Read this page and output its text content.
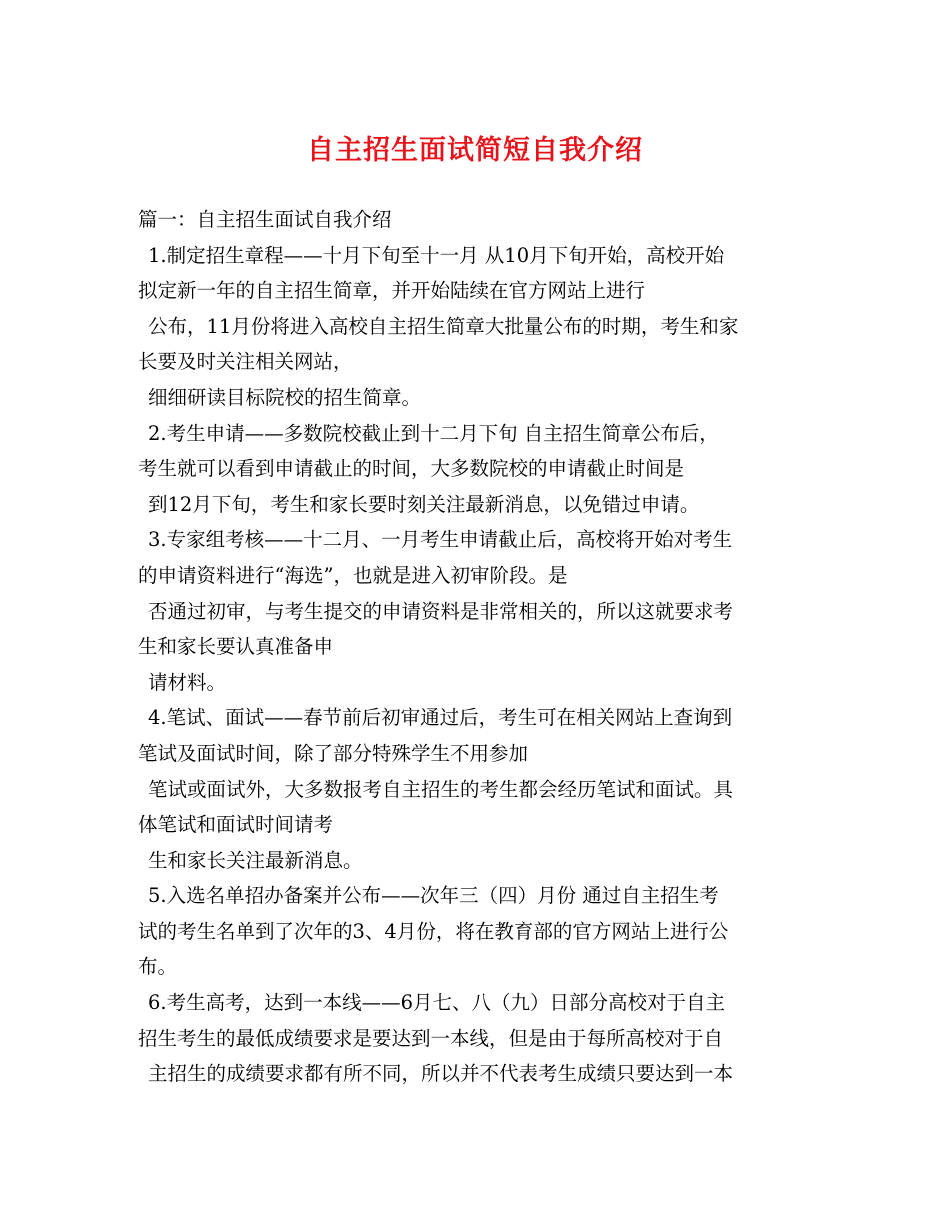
自主招生面试简短自我介绍
篇一：自主招生面试自我介绍
1.制定招生章程——十月下旬至十一月 从10月下旬开始，高校开始
拟定新一年的自主招生简章，并开始陆续在官方网站上进行
公布，11月份将进入高校自主招生简章大批量公布的时期，考生和家
长要及时关注相关网站，
细细研读目标院校的招生简章。
2.考生申请——多数院校截止到十二月下旬 自主招生简章公布后，
考生就可以看到申请截止的时间，大多数院校的申请截止时间是
到12月下旬，考生和家长要时刻关注最新消息，以免错过申请。
3.专家组考核——十二月、一月考生申请截止后，高校将开始对考生
的申请资料进行“海选”，也就是进入初审阶段。是
否通过初审，与考生提交的申请资料是非常相关的，所以这就要求考
生和家长要认真准备申
请材料。
4.笔试、面试——春节前后初审通过后，考生可在相关网站上查询到
笔试及面试时间，除了部分特殊学生不用参加
笔试或面试外，大多数报考自主招生的考生都会经历笔试和面试。具
体笔试和面试时间请考
生和家长关注最新消息。
5.入选名单招办备案并公布——次年三（四）月份 通过自主招生考
试的考生名单到了次年的3、4月份，将在教育部的官方网站上进行公
布。
6.考生高考，达到一本线——6月七、八（九）日部分高校对于自主
招生考生的最低成绩要求是要达到一本线，但是由于每所高校对于自
主招生的成绩要求都有所不同，所以并不代表考生成绩只要达到一本
